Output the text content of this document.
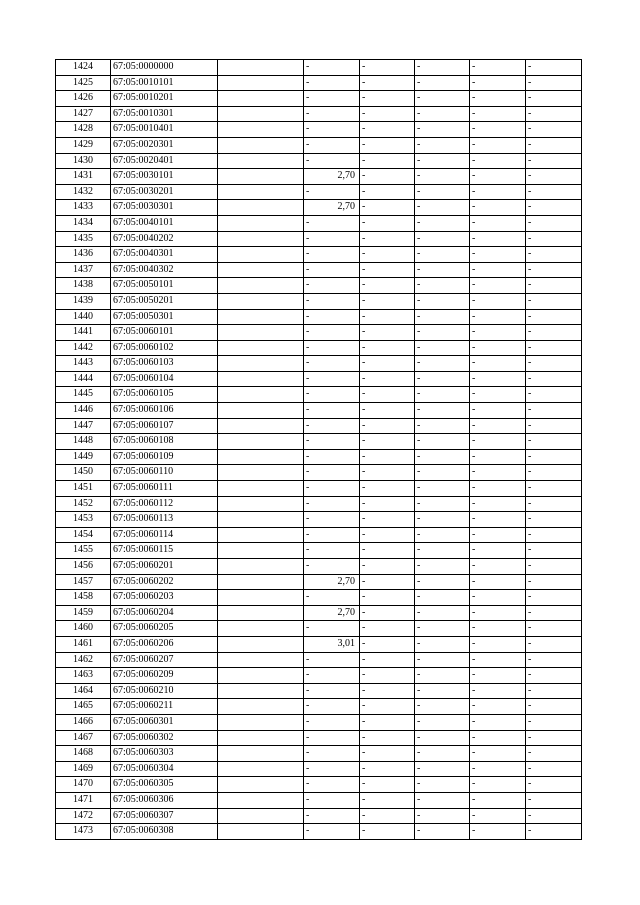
1424	67:05:0000000		-	-	-	-	-
1425	67:05:0010101		-	-	-	-	-
1426	67:05:0010201		-	-	-	-	-
1427	67:05:0010301		-	-	-	-	-
1428	67:05:0010401		-	-	-	-	-
1429	67:05:0020301		-	-	-	-	-
1430	67:05:0020401		-	-	-	-	-
1431	67:05:0030101		2,70	-	-	-	-
1432	67:05:0030201		-	-	-	-	-
1433	67:05:0030301		2,70	-	-	-	-
1434	67:05:0040101		-	-	-	-	-
1435	67:05:0040202		-	-	-	-	-
1436	67:05:0040301		-	-	-	-	-
1437	67:05:0040302		-	-	-	-	-
1438	67:05:0050101		-	-	-	-	-
1439	67:05:0050201		-	-	-	-	-
1440	67:05:0050301		-	-	-	-	-
1441	67:05:0060101		-	-	-	-	-
1442	67:05:0060102		-	-	-	-	-
1443	67:05:0060103		-	-	-	-	-
1444	67:05:0060104		-	-	-	-	-
1445	67:05:0060105		-	-	-	-	-
1446	67:05:0060106		-	-	-	-	-
1447	67:05:0060107		-	-	-	-	-
1448	67:05:0060108		-	-	-	-	-
1449	67:05:0060109		-	-	-	-	-
1450	67:05:0060110		-	-	-	-	-
1451	67:05:0060111		-	-	-	-	-
1452	67:05:0060112		-	-	-	-	-
1453	67:05:0060113		-	-	-	-	-
1454	67:05:0060114		-	-	-	-	-
1455	67:05:0060115		-	-	-	-	-
1456	67:05:0060201		-	-	-	-	-
1457	67:05:0060202		2,70	-	-	-	-
1458	67:05:0060203		-	-	-	-	-
1459	67:05:0060204		2,70	-	-	-	-
1460	67:05:0060205		-	-	-	-	-
1461	67:05:0060206		3,01	-	-	-	-
1462	67:05:0060207		-	-	-	-	-
1463	67:05:0060209		-	-	-	-	-
1464	67:05:0060210		-	-	-	-	-
1465	67:05:0060211		-	-	-	-	-
1466	67:05:0060301		-	-	-	-	-
1467	67:05:0060302		-	-	-	-	-
1468	67:05:0060303		-	-	-	-	-
1469	67:05:0060304		-	-	-	-	-
1470	67:05:0060305		-	-	-	-	-
1471	67:05:0060306		-	-	-	-	-
1472	67:05:0060307		-	-	-	-	-
1473	67:05:0060308		-	-	-	-	-
